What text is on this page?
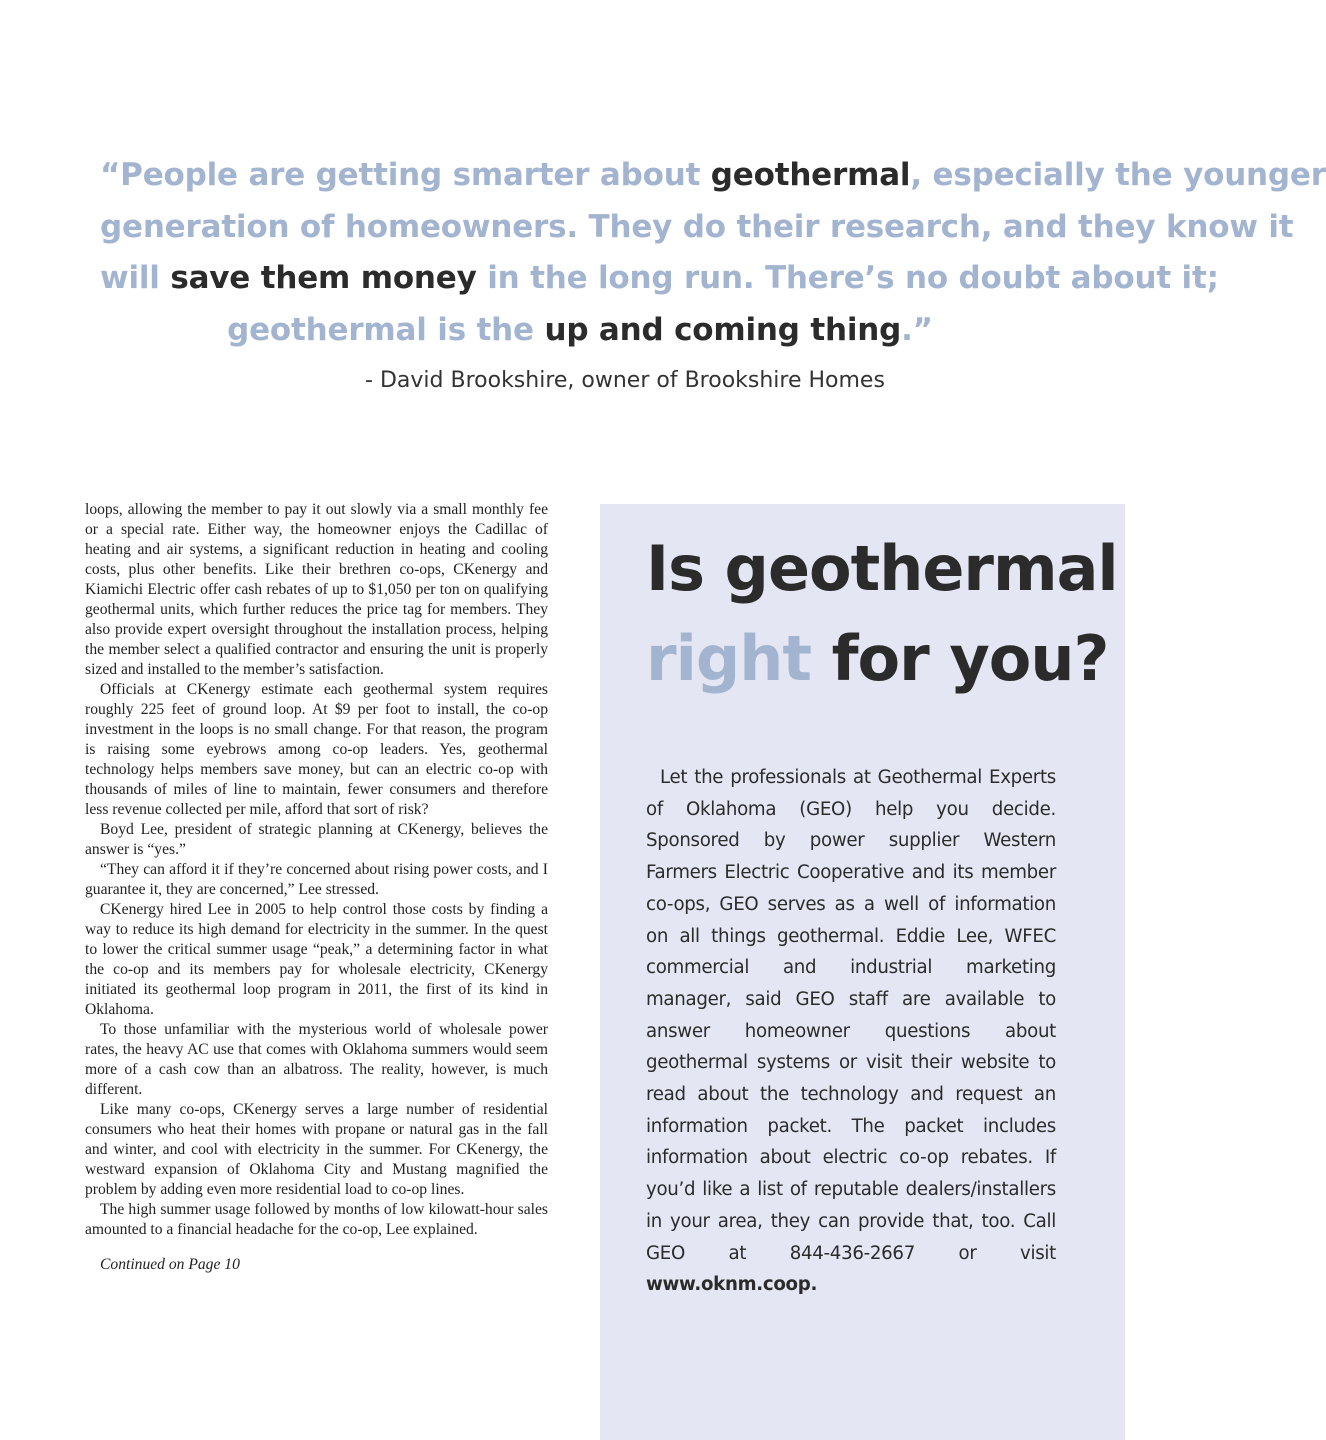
“People are getting smarter about geothermal, especially the younger
generation of homeowners. They do their research, and they know it
will save them money in the long run. There’s no doubt about it;
geothermal is the up and coming thing.”
- David Brookshire, owner of Brookshire Homes

loops, allowing the member to pay it out slowly via a small monthly fee or a special rate. Either way, the homeowner enjoys the Cadillac of heating and air systems, a significant reduction in heating and cooling costs, plus other benefits. Like their brethren co-ops, CKenergy and Kiamichi Electric offer cash rebates of up to $1,050 per ton on qualifying geothermal units, which further reduces the price tag for members. They also provide expert oversight throughout the installation process, helping the member select a qualified contractor and ensuring the unit is properly sized and installed to the member’s satisfaction.

Officials at CKenergy estimate each geothermal system requires roughly 225 feet of ground loop. At $9 per foot to install, the co-op investment in the loops is no small change. For that reason, the program is raising some eyebrows among co-op leaders. Yes, geothermal technology helps members save money, but can an electric co-op with thousands of miles of line to maintain, fewer consumers and therefore less revenue collected per mile, afford that sort of risk?

Boyd Lee, president of strategic planning at CKenergy, believes the answer is “yes.”

“They can afford it if they’re concerned about rising power costs, and I guarantee it, they are concerned,” Lee stressed.

CKenergy hired Lee in 2005 to help control those costs by finding a way to reduce its high demand for electricity in the summer. In the quest to lower the critical summer usage “peak,” a determining factor in what the co-op and its members pay for wholesale electricity, CKenergy initiated its geothermal loop program in 2011, the first of its kind in Oklahoma.

To those unfamiliar with the mysterious world of wholesale power rates, the heavy AC use that comes with Oklahoma summers would seem more of a cash cow than an albatross. The reality, however, is much different.

Like many co-ops, CKenergy serves a large number of residential consumers who heat their homes with propane or natural gas in the fall and winter, and cool with electricity in the summer. For CKenergy, the westward expansion of Oklahoma City and Mustang magnified the problem by adding even more residential load to co-op lines.

The high summer usage followed by months of low kilowatt-hour sales amounted to a financial headache for the co-op, Lee explained.

Continued on Page 10

Is geothermal
right for you?
Let the professionals at Geothermal Experts of Oklahoma (GEO) help you decide. Sponsored by power supplier Western Farmers Electric Cooperative and its member co-ops, GEO serves as a well of information on all things geothermal. Eddie Lee, WFEC commercial and industrial marketing manager, said GEO staff are available to answer homeowner questions about geothermal systems or visit their website to read about the technology and request an information packet. The packet includes information about electric co-op rebates. If you’d like a list of reputable dealers/installers in your area, they can provide that, too. Call GEO at 844-436-2667 or visit www.oknm.coop.
